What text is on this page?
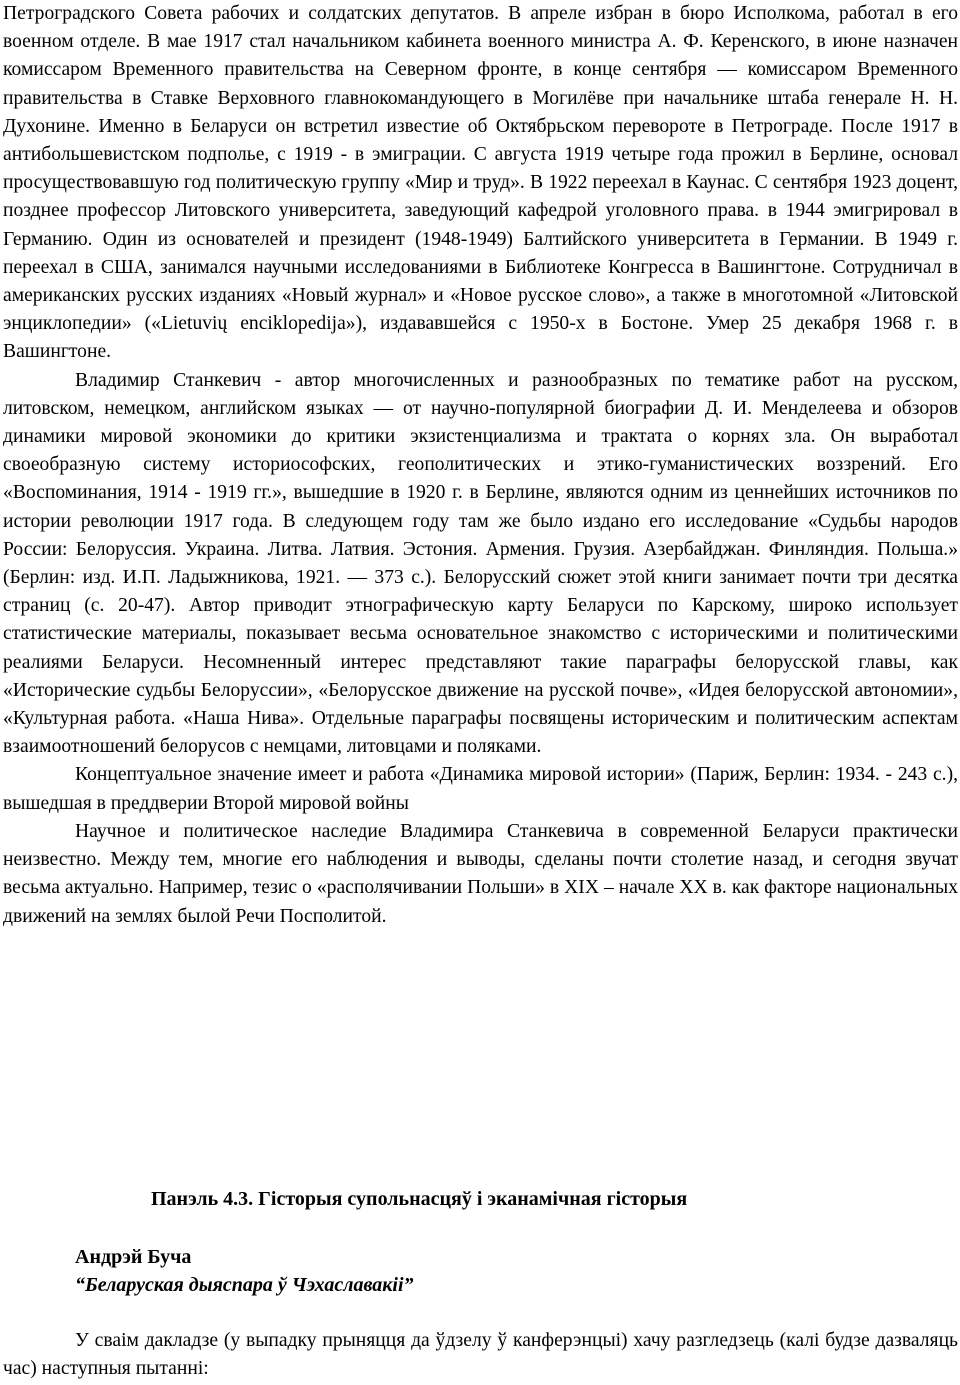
Петроградского Совета рабочих и солдатских депутатов. В апреле избран в бюро Исполкома, работал в его военном отделе. В мае 1917 стал начальником кабинета военного министра А. Ф. Керенского, в июне назначен комиссаром Временного правительства на Северном фронте, в конце сентября — комиссаром Временного правительства в Ставке Верховного главнокомандующего в Могилёве при начальнике штаба генерале Н. Н. Духонине. Именно в Беларуси он встретил известие об Октябрьском перевороте в Петрограде. После 1917 в антибольшевистском подполье, с 1919 - в эмиграции. С августа 1919 четыре года прожил в Берлине, основал просуществовавшую год политическую группу «Мир и труд». В 1922 переехал в Каунас. С сентября 1923 доцент, позднее профессор Литовского университета, заведующий кафедрой уголовного права. в 1944 эмигрировал в Германию. Один из основателей и президент (1948-1949) Балтийского университета в Германии. В 1949 г. переехал в США, занимался научными исследованиями в Библиотеке Конгресса в Вашингтоне. Сотрудничал в американских русских изданиях «Новый журнал» и «Новое русское слово», а также в многотомной «Литовской энциклопедии» («Lietuvių enciklopedija»), издававшейся с 1950-х в Бостоне. Умер 25 декабря 1968 г. в Вашингтоне.

Владимир Станкевич - автор многочисленных и разнообразных по тематике работ на русском, литовском, немецком, английском языках — от научно-популярной биографии Д. И. Менделеева и обзоров динамики мировой экономики до критики экзистенциализма и трактата о корнях зла. Он выработал своеобразную систему историософских, геополитических и этико-гуманистических воззрений. Его «Воспоминания, 1914 - 1919 гг.», вышедшие в 1920 г. в Берлине, являются одним из ценнейших источников по истории революции 1917 года. В следующем году там же было издано его исследование «Судьбы народов России: Белоруссия. Украина. Литва. Латвия. Эстония. Армения. Грузия. Азербайджан. Финляндия. Польша.» (Берлин: изд. И.П. Ладыжникова, 1921. — 373 с.). Белорусский сюжет этой книги занимает почти три десятка страниц (с. 20-47). Автор приводит этнографическую карту Беларуси по Карскому, широко использует статистические материалы, показывает весьма основательное знакомство с историческими и политическими реалиями Беларуси. Несомненный интерес представляют такие параграфы белорусской главы, как «Исторические судьбы Белоруссии», «Белорусское движение на русской почве», «Идея белорусской автономии», «Культурная работа. «Наша Нива». Отдельные параграфы посвящены историческим и политическим аспектам взаимоотношений белорусов с немцами, литовцами и поляками.

Концептуальное значение имеет и работа «Динамика мировой истории» (Париж, Берлин: 1934. - 243 с.), вышедшая в преддверии Второй мировой войны

Научное и политическое наследие Владимира Станкевича в современной Беларуси практически неизвестно. Между тем, многие его наблюдения и выводы, сделаны почти столетие назад, и сегодня звучат весьма актуально. Например, тезис о «располячивании Польши» в XIX – начале XX в. как факторе национальных движений на землях былой Речи Посполитой.

Панэль 4.3. Гісторыя супольнасцяў і эканамічная гісторыя

Андрэй Буча

“Беларуская дыяспара ў Чэхаславакіі”

У сваім дакладзе (у выпадку прыняцця да ўдзелу ў канферэнцыі) хачу разгледзець (калі будзе дазваляць час) наступныя пытанні:
